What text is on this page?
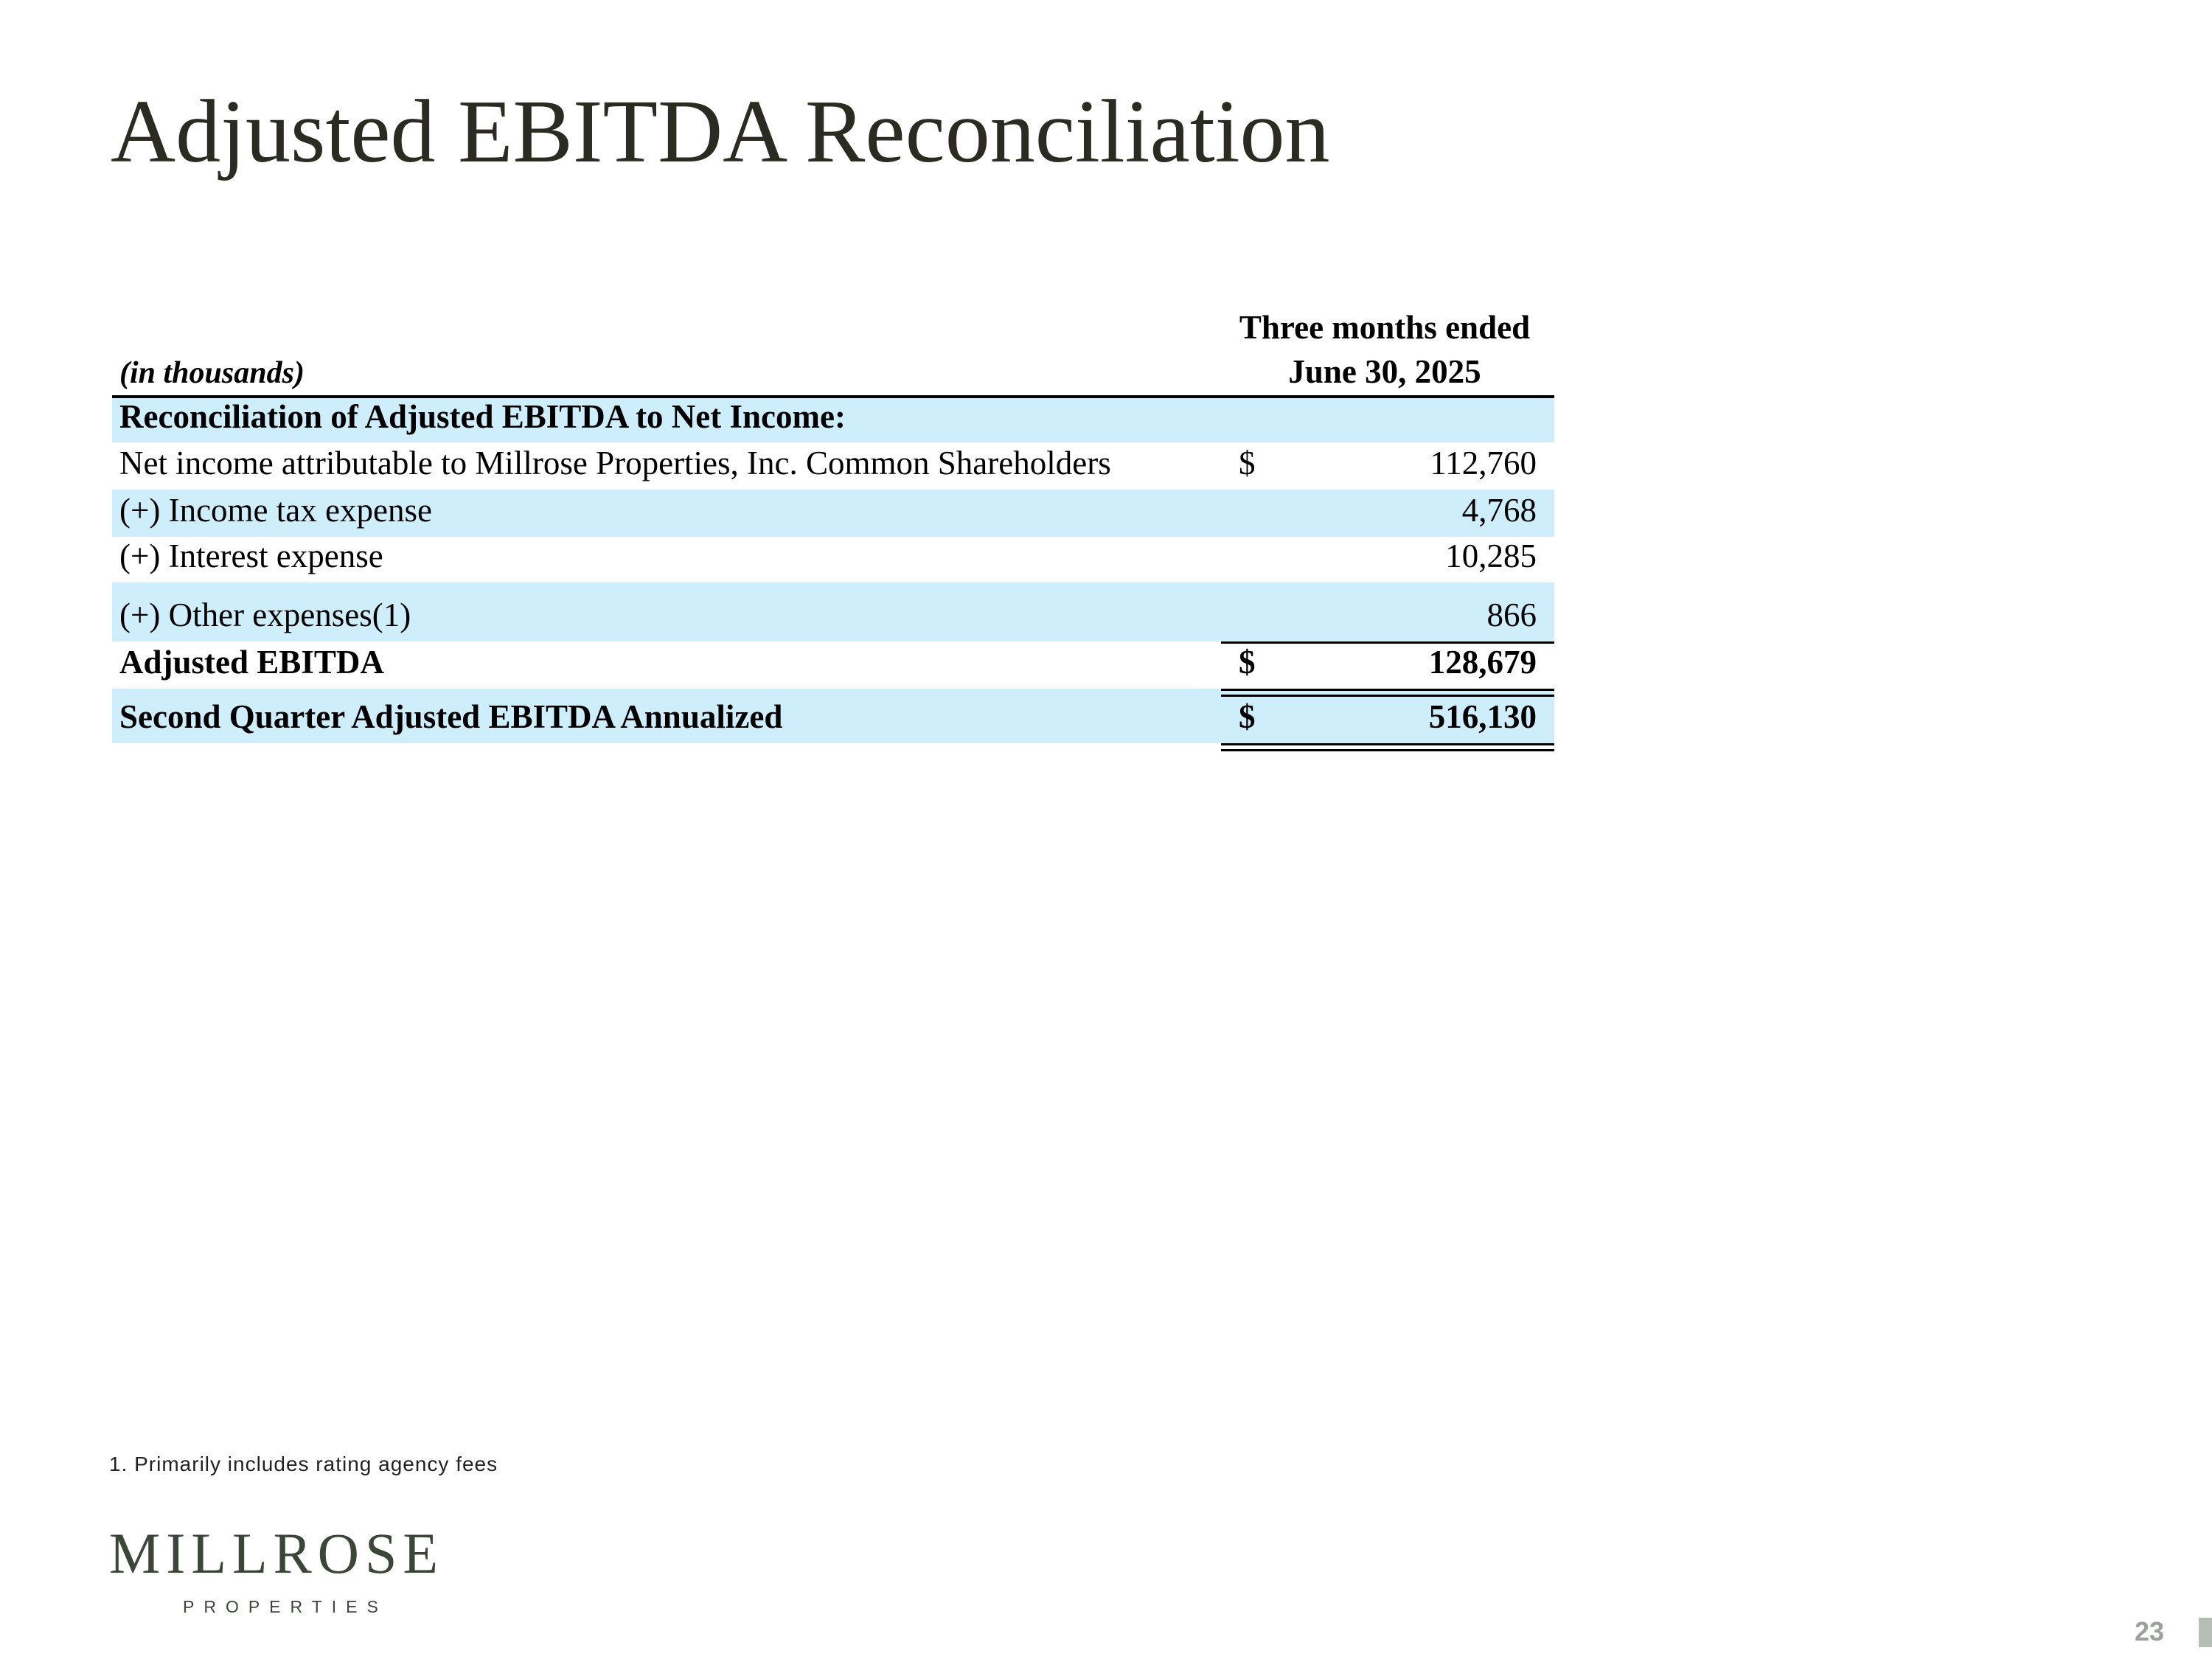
Adjusted EBITDA Reconciliation
(in thousands)
Three months ended
June 30, 2025
Reconciliation of Adjusted EBITDA to Net Income:
Net income attributable to Millrose Properties, Inc. Common Shareholders	$	112,760
(+) Income tax expense	4,768
(+) Interest expense	10,285
(+) Other expenses(1)	866
Adjusted EBITDA	$	128,679
Second Quarter Adjusted EBITDA Annualized	$	516,130
1. Primarily includes rating agency fees
MILLROSE
PROPERTIES
23
